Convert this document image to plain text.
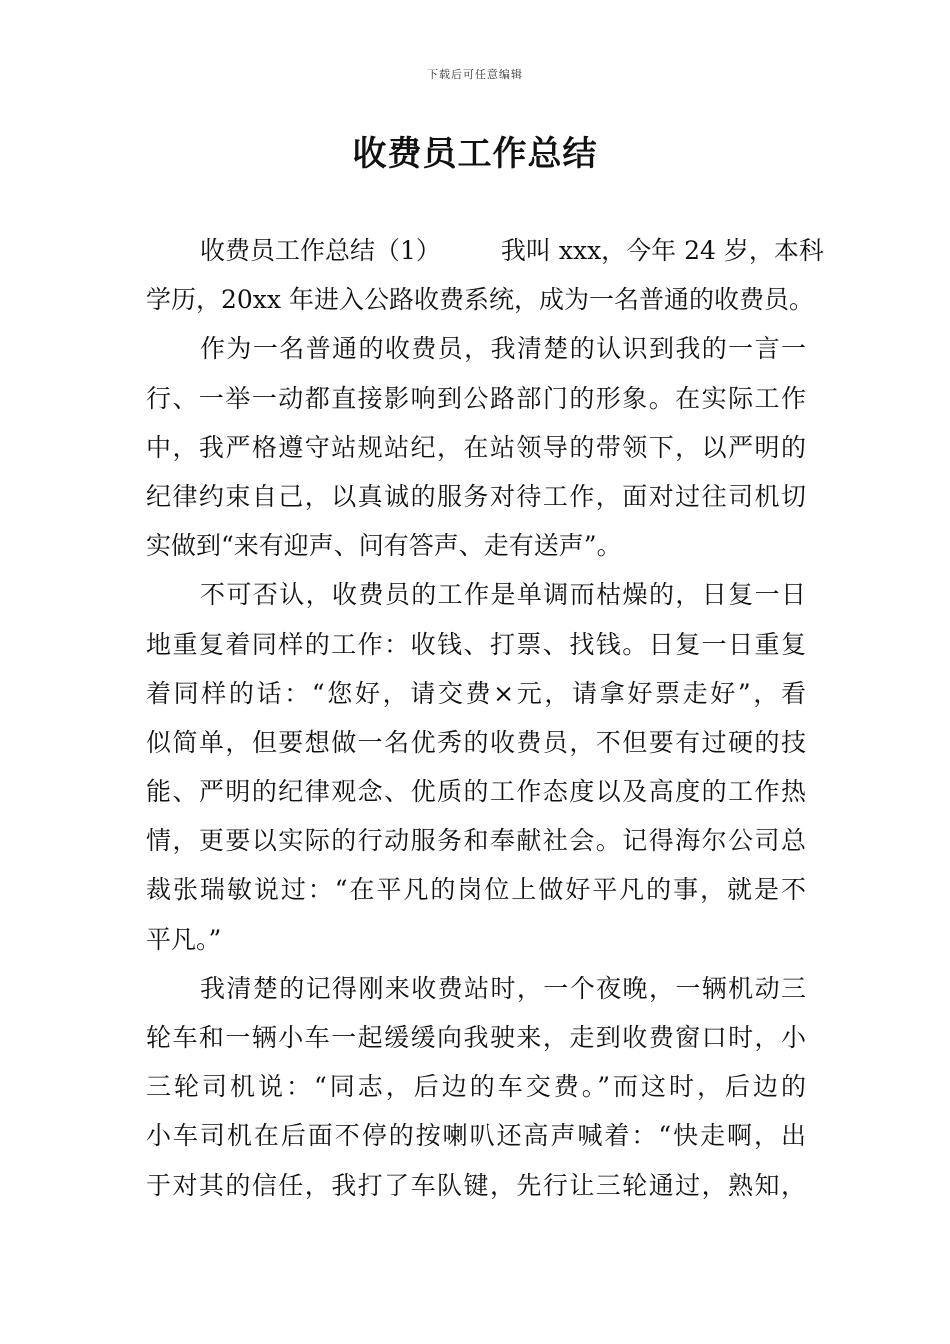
下载后可任意编辑
收费员工作总结
收费员工作总结（1） 我叫 xxx，今年 24 岁，本科
学历，20xx 年进入公路收费系统，成为一名普通的收费员。
作为一名普通的收费员，我清楚的认识到我的一言一
行、一举一动都直接影响到公路部门的形象。在实际工作
中，我严格遵守站规站纪，在站领导的带领下，以严明的
纪律约束自己，以真诚的服务对待工作，面对过往司机切
实做到“来有迎声、问有答声、走有送声”。
不可否认，收费员的工作是单调而枯燥的，日复一日
地重复着同样的工作：收钱、打票、找钱。日复一日重复
着同样的话：“您好，请交费×元，请拿好票走好”，看
似简单，但要想做一名优秀的收费员，不但要有过硬的技
能、严明的纪律观念、优质的工作态度以及高度的工作热
情，更要以实际的行动服务和奉献社会。记得海尔公司总
裁张瑞敏说过：“在平凡的岗位上做好平凡的事，就是不
平凡。”
我清楚的记得刚来收费站时，一个夜晚，一辆机动三
轮车和一辆小车一起缓缓向我驶来，走到收费窗口时，小
三轮司机说：“同志，后边的车交费。”而这时，后边的
小车司机在后面不停的按喇叭还高声喊着：“快走啊，出
于对其的信任，我打了车队键，先行让三轮通过，熟知，
